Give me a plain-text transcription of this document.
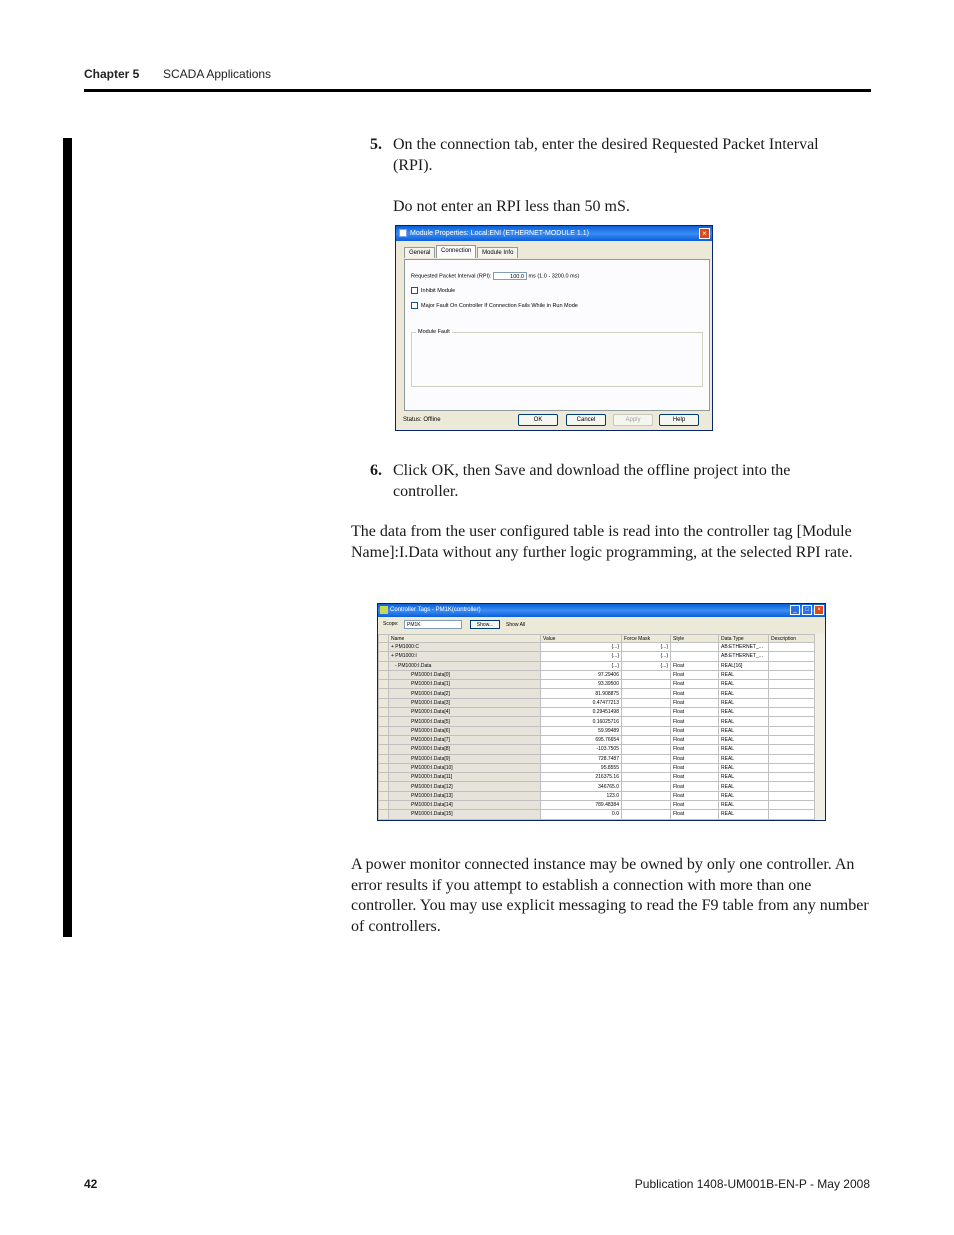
Chapter 5 SCADA Applications
5. On the connection tab, enter the desired Requested Packet Interval (RPI).
Do not enter an RPI less than 50 mS.
Module Properties: Local:ENI (ETHERNET-MODULE 1.1)	×
General Connection Module Info
Requested Packet Interval (RPI):	100.0 ms (1.0 - 3200.0 ms)
Inhibit Module
Major Fault On Controller If Connection Fails While in Run Mode
Module Fault
Status: Offline	OK	Cancel	Apply	Help
6. Click OK, then Save and download the offline project into the controller.
The data from the user configured table is read into the controller tag [Module Name]:I.Data without any further logic programming, at the selected RPI rate.
Controller Tags - PM1K(controller)	_	□	×
Scope:	PM1K	Show...	Show All
	Name	Value	Force Mask	Style	Data Type	Description
	+ PM1000:C	{...}	{...}		AB:ETHERNET_...	
	+ PM1000:I	{...}	{...}		AB:ETHERNET_...	
	- PM1000:I.Data	{...}	{...}	Float	REAL[16]	
	PM1000:I.Data[0]	97.29406		Float	REAL	
	PM1000:I.Data[1]	93.39500		Float	REAL	
	PM1000:I.Data[2]	81.908875		Float	REAL	
	PM1000:I.Data[3]	0.47477213		Float	REAL	
	PM1000:I.Data[4]	0.29451498		Float	REAL	
	PM1000:I.Data[5]	0.16025716		Float	REAL	
	PM1000:I.Data[6]	59.99489		Float	REAL	
	PM1000:I.Data[7]	695.76654		Float	REAL	
	PM1000:I.Data[8]	-103.7505		Float	REAL	
	PM1000:I.Data[9]	728.7487		Float	REAL	
	PM1000:I.Data[10]	95.8555		Float	REAL	
	PM1000:I.Data[11]	216375.16		Float	REAL	
	PM1000:I.Data[12]	346765.0		Float	REAL	
	PM1000:I.Data[13]	123.0		Float	REAL	
	PM1000:I.Data[14]	789.48384		Float	REAL	
	PM1000:I.Data[15]	0.0		Float	REAL	
A power monitor connected instance may be owned by only one controller. An error results if you attempt to establish a connection with more than one controller. You may use explicit messaging to read the F9 table from any number of controllers.
42	Publication 1408-UM001B-EN-P - May 2008
